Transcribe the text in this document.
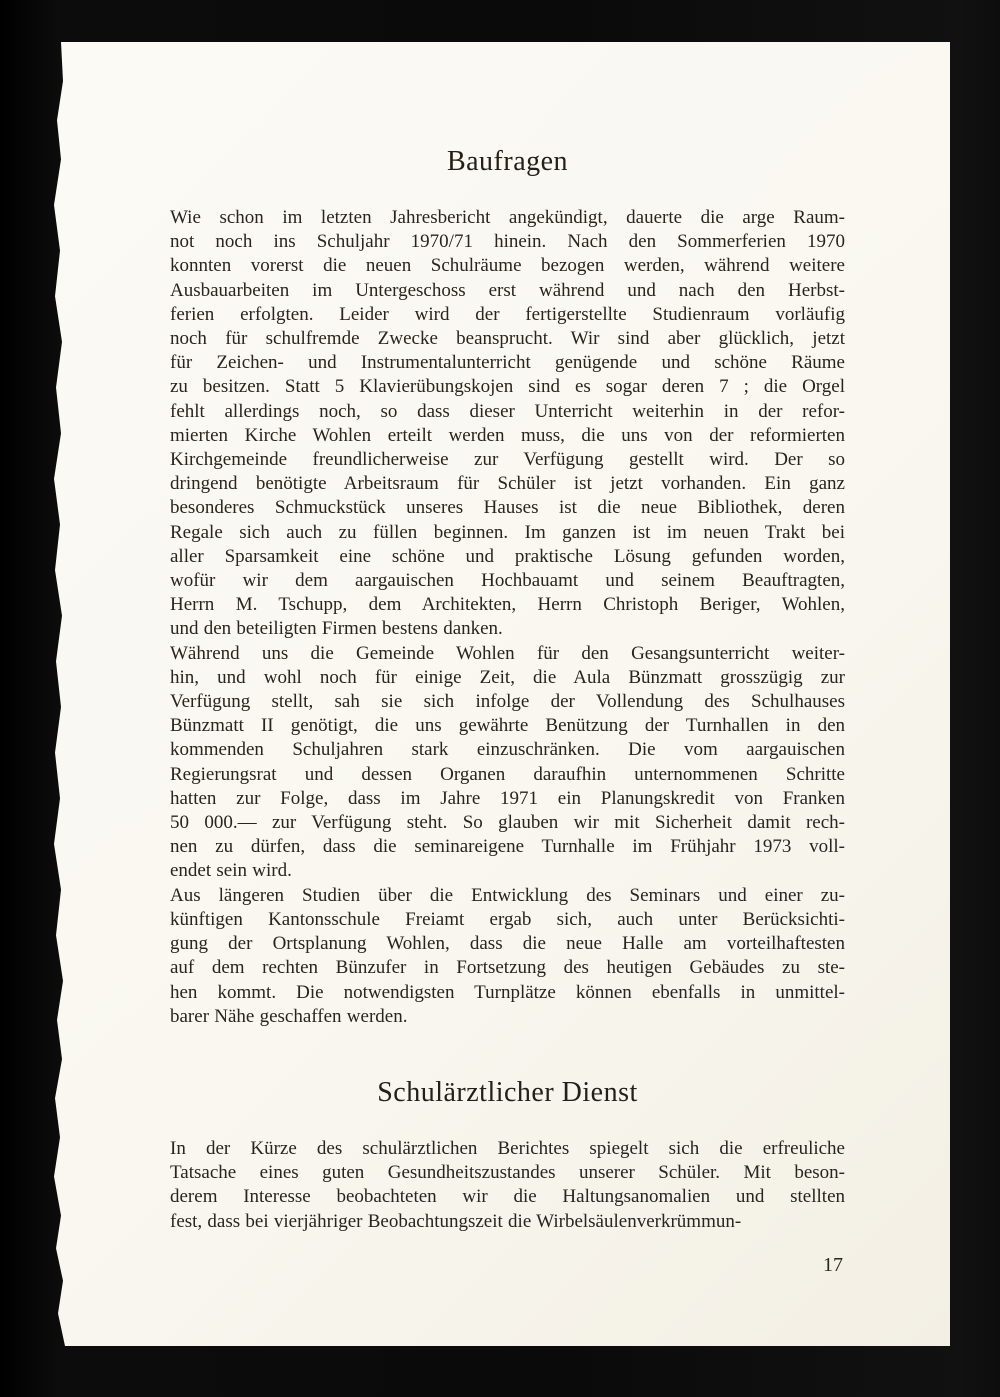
Baufragen
Wie schon im letzten Jahresbericht angekündigt, dauerte die arge Raum-
not noch ins Schuljahr 1970/71 hinein. Nach den Sommerferien 1970
konnten vorerst die neuen Schulräume bezogen werden, während weitere
Ausbauarbeiten im Untergeschoss erst während und nach den Herbst-
ferien erfolgten. Leider wird der fertigerstellte Studienraum vorläufig
noch für schulfremde Zwecke beansprucht. Wir sind aber glücklich, jetzt
für Zeichen- und Instrumentalunterricht genügende und schöne Räume
zu besitzen. Statt 5 Klavierübungskojen sind es sogar deren 7 ; die Orgel
fehlt allerdings noch, so dass dieser Unterricht weiterhin in der refor-
mierten Kirche Wohlen erteilt werden muss, die uns von der reformierten
Kirchgemeinde freundlicherweise zur Verfügung gestellt wird. Der so
dringend benötigte Arbeitsraum für Schüler ist jetzt vorhanden. Ein ganz
besonderes Schmuckstück unseres Hauses ist die neue Bibliothek, deren
Regale sich auch zu füllen beginnen. Im ganzen ist im neuen Trakt bei
aller Sparsamkeit eine schöne und praktische Lösung gefunden worden,
wofür wir dem aargauischen Hochbauamt und seinem Beauftragten,
Herrn M. Tschupp, dem Architekten, Herrn Christoph Beriger, Wohlen,
und den beteiligten Firmen bestens danken.
Während uns die Gemeinde Wohlen für den Gesangsunterricht weiter-
hin, und wohl noch für einige Zeit, die Aula Bünzmatt grosszügig zur
Verfügung stellt, sah sie sich infolge der Vollendung des Schulhauses
Bünzmatt II genötigt, die uns gewährte Benützung der Turnhallen in den
kommenden Schuljahren stark einzuschränken. Die vom aargauischen
Regierungsrat und dessen Organen daraufhin unternommenen Schritte
hatten zur Folge, dass im Jahre 1971 ein Planungskredit von Franken
50 000.— zur Verfügung steht. So glauben wir mit Sicherheit damit rech-
nen zu dürfen, dass die seminareigene Turnhalle im Frühjahr 1973 voll-
endet sein wird.
Aus längeren Studien über die Entwicklung des Seminars und einer zu-
künftigen Kantonsschule Freiamt ergab sich, auch unter Berücksichti-
gung der Ortsplanung Wohlen, dass die neue Halle am vorteilhaftesten
auf dem rechten Bünzufer in Fortsetzung des heutigen Gebäudes zu ste-
hen kommt. Die notwendigsten Turnplätze können ebenfalls in unmittel-
barer Nähe geschaffen werden.
Schulärztlicher Dienst
In der Kürze des schulärztlichen Berichtes spiegelt sich die erfreuliche
Tatsache eines guten Gesundheitszustandes unserer Schüler. Mit beson-
derem Interesse beobachteten wir die Haltungsanomalien und stellten
fest, dass bei vierjähriger Beobachtungszeit die Wirbelsäulenverkrümmun-
17
